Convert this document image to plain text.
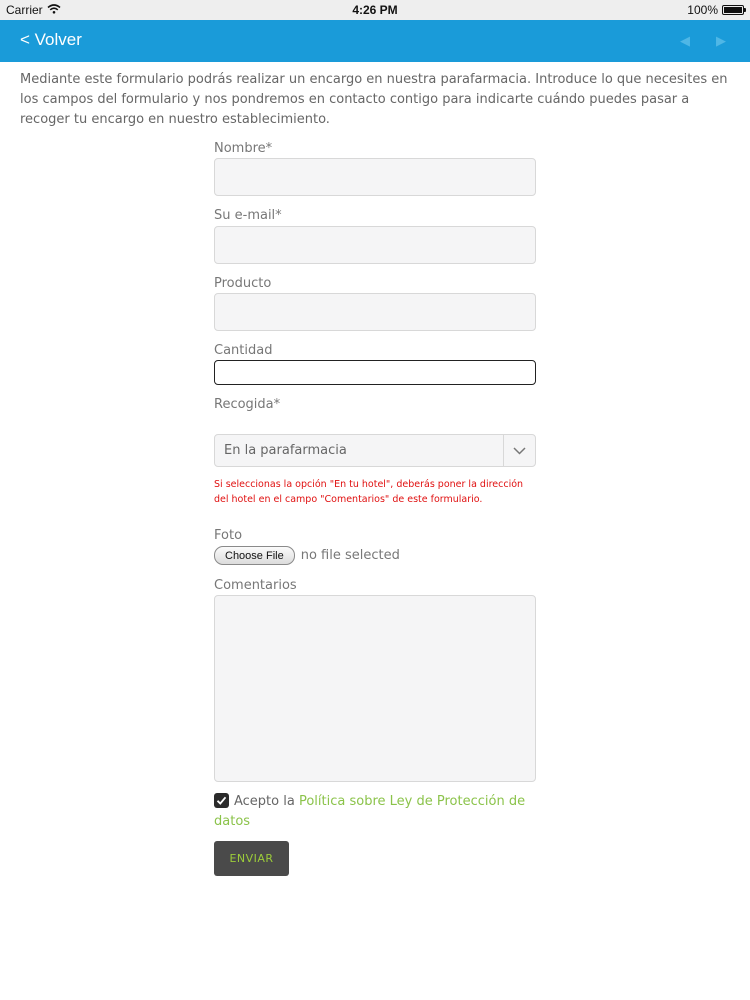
Carrier	4:26 PM	100%
< Volver	◀ ▶

Mediante este formulario podrás realizar un encargo en nuestra parafarmacia. Introduce lo que necesites en los campos del formulario y nos pondremos en contacto contigo para indicarte cuándo puedes pasar a recoger tu encargo en nuestro establecimiento.

Nombre*
Su e-mail*
Producto
Cantidad
Recogida*
En la parafarmacia

Si seleccionas la opción "En tu hotel", deberás poner la dirección del hotel en el campo "Comentarios" de este formulario.

Foto
Choose File	no file selected
Comentarios
Acepto la Política sobre Ley de Protección de datos
ENVIAR
